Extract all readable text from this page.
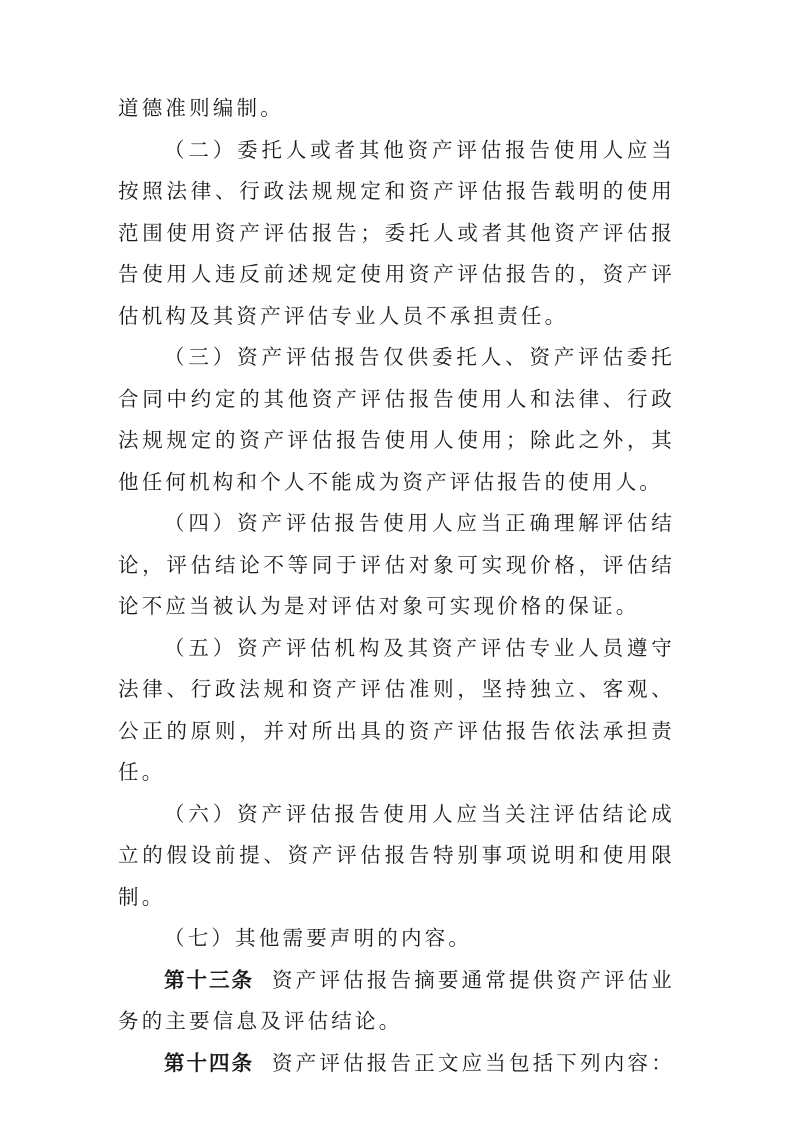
道德准则编制。

（二）委托人或者其他资产评估报告使用人应当按照法律、行政法规规定和资产评估报告载明的使用范围使用资产评估报告；委托人或者其他资产评估报告使用人违反前述规定使用资产评估报告的，资产评估机构及其资产评估专业人员不承担责任。

（三）资产评估报告仅供委托人、资产评估委托合同中约定的其他资产评估报告使用人和法律、行政法规规定的资产评估报告使用人使用；除此之外，其他任何机构和个人不能成为资产评估报告的使用人。

（四）资产评估报告使用人应当正确理解评估结论，评估结论不等同于评估对象可实现价格，评估结论不应当被认为是对评估对象可实现价格的保证。

（五）资产评估机构及其资产评估专业人员遵守法律、行政法规和资产评估准则，坚持独立、客观、公正的原则，并对所出具的资产评估报告依法承担责任。

（六）资产评估报告使用人应当关注评估结论成立的假设前提、资产评估报告特别事项说明和使用限制。

（七）其他需要声明的内容。

第十三条 资产评估报告摘要通常提供资产评估业务的主要信息及评估结论。

第十四条 资产评估报告正文应当包括下列内容：
